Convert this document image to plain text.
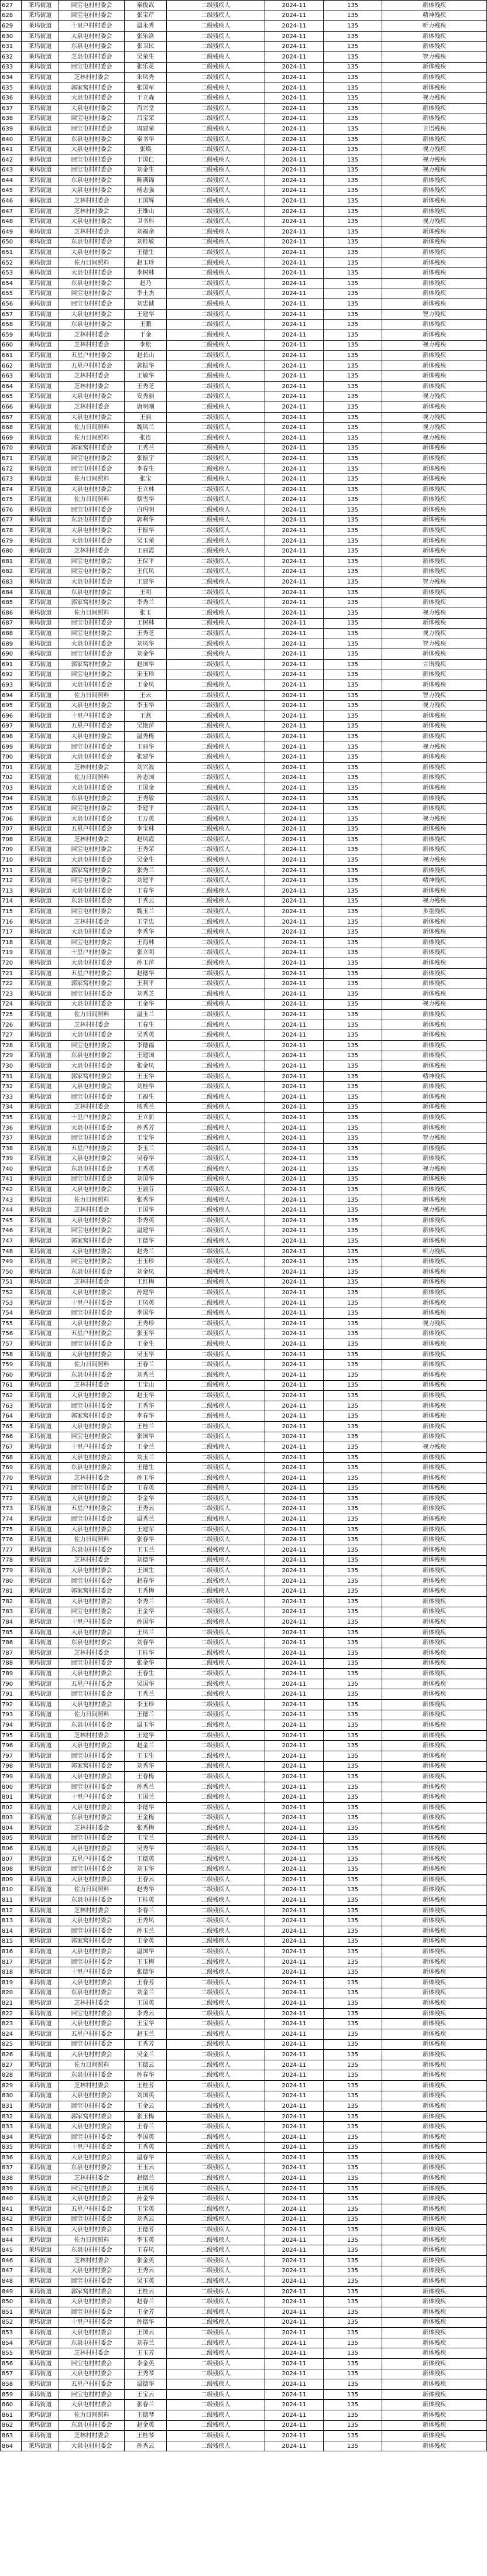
627	莱坞街道	回宝屯村村委会	秦俊武	二级残疾人	2024-11	135	新体残疾
628	莱坞街道	回宝屯村村委会	张宝芹	二级残疾人	2024-11	135	精神残疾
629	莱坞街道	十里户村村委会	温永秀	二级残疾人	2024-11	135	听力残疾
630	莱坞街道	大泉屯村村委会	张乐洛	二级残疾人	2024-11	135	新体残疾
631	莱坞街道	东泉屯村村委会	张卫民	二级残疾人	2024-11	135	新体残疾
632	莱坞街道	芝泉屯村村委会	吴荣生	二级残疾人	2024-11	135	智力残疾
633	莱坞街道	回宝屯村村委会	张乐花	二级残疾人	2024-11	135	新体残疾
634	莱坞街道	芝林村村委会	朱凤秀	二级残疾人	2024-11	135	新体残疾
635	莱坞街道	郭家窝村村委会	张国军	二级残疾人	2024-11	135	新体残疾
636	莱坞街道	大泉屯村村委会	于立森	二级残疾人	2024-11	135	视力残疾
637	莱坞街道	大泉屯村村委会	肖兴堂	二级残疾人	2024-11	135	新体残疾
638	莱坞街道	回宝屯村村委会	吕宝荣	二级残疾人	2024-11	135	新体残疾
639	莱坞街道	回宝屯村村委会	周建荣	二级残疾人	2024-11	135	言语残疾
640	莱坞街道	东泉屯村村委会	秦书华	二级残疾人	2024-11	135	新体残疾
641	莱坞街道	大泉屯村村委会	张焕	二级残疾人	2024-11	135	视力残疾
642	莱坞街道	回宝屯村村委会	于国仁	二级残疾人	2024-11	135	视力残疾
643	莱坞街道	回宝屯村村委会	刘金生	二级残疾人	2024-11	135	视力残疾
644	莱坞街道	东泉屯村村委会	陈满锦	二级残疾人	2024-11	135	新体残疾
645	莱坞街道	大泉屯村村委会	杨志强	二级残疾人	2024-11	135	新体残疾
646	莱坞街道	芝林村村委会	王国辉	二级残疾人	2024-11	135	新体残疾
647	莱坞街道	芝林村村委会	王维山	二级残疾人	2024-11	135	新体残疾
648	莱坞街道	大泉屯村村委会	卫书科	二级残疾人	2024-11	135	视力残疾
649	莱坞街道	芝林村村委会	刘福余	二级残疾人	2024-11	135	新体残疾
650	莱坞街道	东泉屯村村委会	刘桂敏	二级残疾人	2024-11	135	新体残疾
651	莱坞街道	大泉屯村村委会	王德生	二级残疾人	2024-11	135	新体残疾
652	莱坞街道	佐力日间照料	赵玉珍	二级残疾人	2024-11	135	新体残疾
653	莱坞街道	大泉屯村村委会	李树林	二级残疾人	2024-11	135	新体残疾
654	莱坞街道	东泉屯村村委会	赵乃	二级残疾人	2024-11	135	新体残疾
655	莱坞街道	回宝屯村村委会	李士杰	二级残疾人	2024-11	135	新体残疾
656	莱坞街道	回宝屯村村委会	刘忠诚	二级残疾人	2024-11	135	新体残疾
657	莱坞街道	大泉屯村村委会	王建华	二级残疾人	2024-11	135	智力残疾
658	莱坞街道	东泉屯村村委会	王鹏	二级残疾人	2024-11	135	新体残疾
659	莱坞街道	芝林村村委会	于金	二级残疾人	2024-11	135	新体残疾
660	莱坞街道	芝林村村委会	李松	二级残疾人	2024-11	135	视力残疾
661	莱坞街道	五星户村村委会	赵长山	二级残疾人	2024-11	135	新体残疾
662	莱坞街道	五星户村村委会	郭振华	二级残疾人	2024-11	135	新体残疾
663	莱坞街道	芝林村村委会	王敏华	二级残疾人	2024-11	135	新体残疾
664	莱坞街道	芝林村村委会	王秀芝	二级残疾人	2024-11	135	新体残疾
665	莱坞街道	大泉屯村村委会	安秀丽	二级残疾人	2024-11	135	视力残疾
666	莱坞街道	芝林村村委会	唐明刚	二级残疾人	2024-11	135	新体残疾
667	莱坞街道	大泉屯村村委会	王丽	二级残疾人	2024-11	135	视力残疾
668	莱坞街道	佐力日间照料	魏凤兰	二级残疾人	2024-11	135	视力残疾
669	莱坞街道	佐力日间照料	张连	二级残疾人	2024-11	135	视力残疾
670	莱坞街道	郭家窝村村委会	王秀兰	二级残疾人	2024-11	135	新体残疾
671	莱坞街道	回宝屯村村委会	张振宇	二级残疾人	2024-11	135	新体残疾
672	莱坞街道	回宝屯村村委会	李春生	二级残疾人	2024-11	135	新体残疾
673	莱坞街道	佐力日间照料	张宝	二级残疾人	2024-11	135	新体残疾
674	莱坞街道	大泉屯村村委会	王立林	二级残疾人	2024-11	135	新体残疾
675	莱坞街道	佐力日间照料	蔡雪华	二级残疾人	2024-11	135	新体残疾
676	莱坞街道	回宝屯村村委会	白玛明	二级残疾人	2024-11	135	新体残疾
677	莱坞街道	东泉屯村村委会	郭利华	二级残疾人	2024-11	135	新体残疾
678	莱坞街道	大泉屯村村委会	于振华	二级残疾人	2024-11	135	新体残疾
679	莱坞街道	大泉屯村村委会	吴玉荣	二级残疾人	2024-11	135	新体残疾
680	莱坞街道	芝林村村委会	王丽霞	二级残疾人	2024-11	135	新体残疾
681	莱坞街道	回宝屯村村委会	王保平	二级残疾人	2024-11	135	新体残疾
682	莱坞街道	回宝屯村村委会	王代凤	二级残疾人	2024-11	135	新体残疾
683	莱坞街道	大泉屯村村委会	王建华	二级残疾人	2024-11	135	智力残疾
684	莱坞街道	东泉屯村村委会	王明	二级残疾人	2024-11	135	新体残疾
685	莱坞街道	郭家窝村村委会	李秀兰	二级残疾人	2024-11	135	新体残疾
686	莱坞街道	佐力日间照料	张玉	二级残疾人	2024-11	135	视力残疾
687	莱坞街道	回宝屯村村委会	王树林	二级残疾人	2024-11	135	新体残疾
688	莱坞街道	回宝屯村村委会	王秀芝	二级残疾人	2024-11	135	视力残疾
689	莱坞街道	大泉屯村村委会	刘凤华	二级残疾人	2024-11	135	智力残疾
690	莱坞街道	回宝屯村村委会	刘金华	二级残疾人	2024-11	135	新体残疾
691	莱坞街道	郭家窝村村委会	赵国华	二级残疾人	2024-11	135	言语残疾
692	莱坞街道	回宝屯村村委会	宋玉珍	二级残疾人	2024-11	135	新体残疾
693	莱坞街道	大泉屯村村委会	王金凤	二级残疾人	2024-11	135	新体残疾
694	莱坞街道	佐力日间照料	王云	二级残疾人	2024-11	135	智力残疾
695	莱坞街道	大泉屯村村委会	李玉华	二级残疾人	2024-11	135	视力残疾
696	莱坞街道	十里户村村委会	王燕	二级残疾人	2024-11	135	新体残疾
697	莱坞街道	五星户村村委会	吴艳萍	二级残疾人	2024-11	135	新体残疾
698	莱坞街道	大泉屯村村委会	温秀梅	二级残疾人	2024-11	135	新体残疾
699	莱坞街道	回宝屯村村委会	王丽华	二级残疾人	2024-11	135	视力残疾
700	莱坞街道	大泉屯村村委会	张建华	二级残疾人	2024-11	135	新体残疾
701	莱坞街道	芝林村村委会	刘兴波	二级残疾人	2024-11	135	新体残疾
702	莱坞街道	佐力日间照料	孙志国	二级残疾人	2024-11	135	新体残疾
703	莱坞街道	大泉屯村村委会	王国金	二级残疾人	2024-11	135	新体残疾
704	莱坞街道	东泉屯村村委会	王秀敏	二级残疾人	2024-11	135	新体残疾
705	莱坞街道	回宝屯村村委会	李建平	二级残疾人	2024-11	135	新体残疾
706	莱坞街道	大泉屯村村委会	王万英	二级残疾人	2024-11	135	视力残疾
707	莱坞街道	五星户村村委会	李宝林	二级残疾人	2024-11	135	新体残疾
708	莱坞街道	芝林村村委会	赵凤霞	二级残疾人	2024-11	135	新体残疾
709	莱坞街道	回宝屯村村委会	王秀荣	二级残疾人	2024-11	135	新体残疾
710	莱坞街道	大泉屯村村委会	吴金生	二级残疾人	2024-11	135	视力残疾
711	莱坞街道	郭家窝村村委会	张秀兰	二级残疾人	2024-11	135	新体残疾
712	莱坞街道	回宝屯村村委会	刘建平	二级残疾人	2024-11	135	精神残疾
713	莱坞街道	大泉屯村村委会	王春华	二级残疾人	2024-11	135	新体残疾
714	莱坞街道	东泉屯村村委会	于秀云	二级残疾人	2024-11	135	视力残疾
715	莱坞街道	回宝屯村村委会	魏玉兰	二级残疾人	2024-11	135	多重残疾
716	莱坞街道	芝林村村委会	王学忠	二级残疾人	2024-11	135	新体残疾
717	莱坞街道	大泉屯村村委会	李秀华	二级残疾人	2024-11	135	新体残疾
718	莱坞街道	回宝屯村村委会	王海林	二级残疾人	2024-11	135	新体残疾
719	莱坞街道	十里户村村委会	张立明	二级残疾人	2024-11	135	新体残疾
720	莱坞街道	大泉屯村村委会	孙玉萍	二级残疾人	2024-11	135	新体残疾
721	莱坞街道	五星户村村委会	赵德华	二级残疾人	2024-11	135	新体残疾
722	莱坞街道	郭家窝村村委会	王利平	二级残疾人	2024-11	135	新体残疾
723	莱坞街道	回宝屯村村委会	刘秀芝	二级残疾人	2024-11	135	新体残疾
724	莱坞街道	大泉屯村村委会	王金华	二级残疾人	2024-11	135	视力残疾
725	莱坞街道	佐力日间照料	温玉兰	二级残疾人	2024-11	135	新体残疾
726	莱坞街道	芝林村村委会	王春生	二级残疾人	2024-11	135	新体残疾
727	莱坞街道	大泉屯村村委会	吴秀英	二级残疾人	2024-11	135	新体残疾
728	莱坞街道	回宝屯村村委会	李德福	二级残疾人	2024-11	135	新体残疾
729	莱坞街道	东泉屯村村委会	王建国	二级残疾人	2024-11	135	新体残疾
730	莱坞街道	大泉屯村村委会	张金凤	二级残疾人	2024-11	135	新体残疾
731	莱坞街道	郭家窝村村委会	王玉华	二级残疾人	2024-11	135	精神残疾
732	莱坞街道	大泉屯村村委会	刘桂华	二级残疾人	2024-11	135	新体残疾
733	莱坞街道	回宝屯村村委会	王福生	二级残疾人	2024-11	135	新体残疾
734	莱坞街道	芝林村村委会	杨秀兰	二级残疾人	2024-11	135	新体残疾
735	莱坞街道	十里户村村委会	王立新	二级残疾人	2024-11	135	新体残疾
736	莱坞街道	大泉屯村村委会	孙秀芳	二级残疾人	2024-11	135	新体残疾
737	莱坞街道	回宝屯村村委会	王宝华	二级残疾人	2024-11	135	智力残疾
738	莱坞街道	五星户村村委会	李玉兰	二级残疾人	2024-11	135	新体残疾
739	莱坞街道	大泉屯村村委会	吴春华	二级残疾人	2024-11	135	新体残疾
740	莱坞街道	东泉屯村村委会	王秀英	二级残疾人	2024-11	135	视力残疾
741	莱坞街道	回宝屯村村委会	刘国华	二级残疾人	2024-11	135	新体残疾
742	莱坞街道	大泉屯村村委会	王淑芬	二级残疾人	2024-11	135	新体残疾
743	莱坞街道	佐力日间照料	张秀华	二级残疾人	2024-11	135	新体残疾
744	莱坞街道	芝林村村委会	王国华	二级残疾人	2024-11	135	视力残疾
745	莱坞街道	大泉屯村村委会	李秀英	二级残疾人	2024-11	135	新体残疾
746	莱坞街道	回宝屯村村委会	温建华	二级残疾人	2024-11	135	新体残疾
747	莱坞街道	郭家窝村村委会	王德华	二级残疾人	2024-11	135	新体残疾
748	莱坞街道	大泉屯村村委会	赵秀兰	二级残疾人	2024-11	135	听力残疾
749	莱坞街道	回宝屯村村委会	王玉珍	二级残疾人	2024-11	135	新体残疾
750	莱坞街道	东泉屯村村委会	刘金凤	二级残疾人	2024-11	135	新体残疾
751	莱坞街道	芝林村村委会	王红梅	二级残疾人	2024-11	135	新体残疾
752	莱坞街道	大泉屯村村委会	孙建华	二级残疾人	2024-11	135	新体残疾
753	莱坞街道	十里户村村委会	王凤英	二级残疾人	2024-11	135	新体残疾
754	莱坞街道	回宝屯村村委会	李国华	二级残疾人	2024-11	135	新体残疾
755	莱坞街道	大泉屯村村委会	王秀珍	二级残疾人	2024-11	135	视力残疾
756	莱坞街道	五星户村村委会	张玉华	二级残疾人	2024-11	135	新体残疾
757	莱坞街道	回宝屯村村委会	王金生	二级残疾人	2024-11	135	新体残疾
758	莱坞街道	大泉屯村村委会	吴玉华	二级残疾人	2024-11	135	新体残疾
759	莱坞街道	佐力日间照料	王春兰	二级残疾人	2024-11	135	新体残疾
760	莱坞街道	东泉屯村村委会	刘秀兰	二级残疾人	2024-11	135	新体残疾
761	莱坞街道	芝林村村委会	王宝山	二级残疾人	2024-11	135	新体残疾
762	莱坞街道	大泉屯村村委会	赵玉华	二级残疾人	2024-11	135	新体残疾
763	莱坞街道	回宝屯村村委会	王秀华	二级残疾人	2024-11	135	新体残疾
764	莱坞街道	郭家窝村村委会	李春华	二级残疾人	2024-11	135	新体残疾
765	莱坞街道	大泉屯村村委会	王桂兰	二级残疾人	2024-11	135	新体残疾
766	莱坞街道	回宝屯村村委会	张国华	二级残疾人	2024-11	135	新体残疾
767	莱坞街道	十里户村村委会	王金兰	二级残疾人	2024-11	135	视力残疾
768	莱坞街道	大泉屯村村委会	刘玉兰	二级残疾人	2024-11	135	新体残疾
769	莱坞街道	东泉屯村村委会	王德生	二级残疾人	2024-11	135	新体残疾
770	莱坞街道	芝林村村委会	孙玉华	二级残疾人	2024-11	135	新体残疾
771	莱坞街道	回宝屯村村委会	王春英	二级残疾人	2024-11	135	新体残疾
772	莱坞街道	大泉屯村村委会	李金华	二级残疾人	2024-11	135	新体残疾
773	莱坞街道	五星户村村委会	王秀云	二级残疾人	2024-11	135	新体残疾
774	莱坞街道	回宝屯村村委会	温秀兰	二级残疾人	2024-11	135	新体残疾
775	莱坞街道	大泉屯村村委会	王建军	二级残疾人	2024-11	135	新体残疾
776	莱坞街道	佐力日间照料	张春华	二级残疾人	2024-11	135	新体残疾
777	莱坞街道	东泉屯村村委会	王玉兰	二级残疾人	2024-11	135	新体残疾
778	莱坞街道	芝林村村委会	刘德华	二级残疾人	2024-11	135	新体残疾
779	莱坞街道	大泉屯村村委会	王国生	二级残疾人	2024-11	135	新体残疾
780	莱坞街道	回宝屯村村委会	赵春华	二级残疾人	2024-11	135	新体残疾
781	莱坞街道	郭家窝村村委会	王秀梅	二级残疾人	2024-11	135	新体残疾
782	莱坞街道	大泉屯村村委会	李秀兰	二级残疾人	2024-11	135	新体残疾
783	莱坞街道	回宝屯村村委会	王金华	二级残疾人	2024-11	135	新体残疾
784	莱坞街道	十里户村村委会	孙国华	二级残疾人	2024-11	135	新体残疾
785	莱坞街道	大泉屯村村委会	王凤兰	二级残疾人	2024-11	135	新体残疾
786	莱坞街道	东泉屯村村委会	刘春华	二级残疾人	2024-11	135	新体残疾
787	莱坞街道	芝林村村委会	王桂华	二级残疾人	2024-11	135	新体残疾
788	莱坞街道	回宝屯村村委会	张金华	二级残疾人	2024-11	135	新体残疾
789	莱坞街道	大泉屯村村委会	王春生	二级残疾人	2024-11	135	新体残疾
790	莱坞街道	五星户村村委会	吴国华	二级残疾人	2024-11	135	新体残疾
791	莱坞街道	回宝屯村村委会	王秀兰	二级残疾人	2024-11	135	新体残疾
792	莱坞街道	大泉屯村村委会	李玉珍	二级残疾人	2024-11	135	新体残疾
793	莱坞街道	佐力日间照料	王德兰	二级残疾人	2024-11	135	新体残疾
794	莱坞街道	东泉屯村村委会	温玉华	二级残疾人	2024-11	135	新体残疾
795	莱坞街道	芝林村村委会	王建华	二级残疾人	2024-11	135	新体残疾
796	莱坞街道	大泉屯村村委会	赵金兰	二级残疾人	2024-11	135	新体残疾
797	莱坞街道	回宝屯村村委会	王玉生	二级残疾人	2024-11	135	新体残疾
798	莱坞街道	郭家窝村村委会	刘秀华	二级残疾人	2024-11	135	新体残疾
799	莱坞街道	大泉屯村村委会	王春梅	二级残疾人	2024-11	135	新体残疾
800	莱坞街道	回宝屯村村委会	孙秀兰	二级残疾人	2024-11	135	新体残疾
801	莱坞街道	十里户村村委会	王国兰	二级残疾人	2024-11	135	新体残疾
802	莱坞街道	大泉屯村村委会	李德华	二级残疾人	2024-11	135	新体残疾
803	莱坞街道	东泉屯村村委会	王金梅	二级残疾人	2024-11	135	新体残疾
804	莱坞街道	芝林村村委会	张秀梅	二级残疾人	2024-11	135	新体残疾
805	莱坞街道	回宝屯村村委会	王宝兰	二级残疾人	2024-11	135	新体残疾
806	莱坞街道	大泉屯村村委会	吴秀华	二级残疾人	2024-11	135	新体残疾
807	莱坞街道	五星户村村委会	王德英	二级残疾人	2024-11	135	新体残疾
808	莱坞街道	回宝屯村村委会	刘玉华	二级残疾人	2024-11	135	新体残疾
809	莱坞街道	大泉屯村村委会	王春云	二级残疾人	2024-11	135	新体残疾
810	莱坞街道	佐力日间照料	赵秀华	二级残疾人	2024-11	135	新体残疾
811	莱坞街道	东泉屯村村委会	王桂英	二级残疾人	2024-11	135	新体残疾
812	莱坞街道	芝林村村委会	李春兰	二级残疾人	2024-11	135	新体残疾
813	莱坞街道	大泉屯村村委会	王秀凤	二级残疾人	2024-11	135	新体残疾
814	莱坞街道	回宝屯村村委会	孙玉兰	二级残疾人	2024-11	135	新体残疾
815	莱坞街道	郭家窝村村委会	王金英	二级残疾人	2024-11	135	新体残疾
816	莱坞街道	大泉屯村村委会	温国华	二级残疾人	2024-11	135	新体残疾
817	莱坞街道	回宝屯村村委会	王玉梅	二级残疾人	2024-11	135	新体残疾
818	莱坞街道	十里户村村委会	张德华	二级残疾人	2024-11	135	新体残疾
819	莱坞街道	大泉屯村村委会	王春芳	二级残疾人	2024-11	135	新体残疾
820	莱坞街道	东泉屯村村委会	刘金兰	二级残疾人	2024-11	135	新体残疾
821	莱坞街道	芝林村村委会	王国英	二级残疾人	2024-11	135	新体残疾
822	莱坞街道	回宝屯村村委会	李秀云	二级残疾人	2024-11	135	新体残疾
823	莱坞街道	大泉屯村村委会	王宝华	二级残疾人	2024-11	135	新体残疾
824	莱坞街道	五星户村村委会	赵玉兰	二级残疾人	2024-11	135	新体残疾
825	莱坞街道	回宝屯村村委会	王秀芳	二级残疾人	2024-11	135	新体残疾
826	莱坞街道	大泉屯村村委会	吴金兰	二级残疾人	2024-11	135	新体残疾
827	莱坞街道	佐力日间照料	王德云	二级残疾人	2024-11	135	新体残疾
828	莱坞街道	东泉屯村村委会	孙春华	二级残疾人	2024-11	135	新体残疾
829	莱坞街道	芝林村村委会	王桂芳	二级残疾人	2024-11	135	新体残疾
830	莱坞街道	大泉屯村村委会	刘国英	二级残疾人	2024-11	135	新体残疾
831	莱坞街道	回宝屯村村委会	王金云	二级残疾人	2024-11	135	新体残疾
832	莱坞街道	郭家窝村村委会	张玉梅	二级残疾人	2024-11	135	新体残疾
833	莱坞街道	大泉屯村村委会	王春兰	二级残疾人	2024-11	135	新体残疾
834	莱坞街道	回宝屯村村委会	李国英	二级残疾人	2024-11	135	新体残疾
835	莱坞街道	十里户村村委会	王秀英	二级残疾人	2024-11	135	新体残疾
836	莱坞街道	大泉屯村村委会	温春华	二级残疾人	2024-11	135	新体残疾
837	莱坞街道	东泉屯村村委会	王玉云	二级残疾人	2024-11	135	新体残疾
838	莱坞街道	芝林村村委会	赵德兰	二级残疾人	2024-11	135	新体残疾
839	莱坞街道	回宝屯村村委会	王国芳	二级残疾人	2024-11	135	新体残疾
840	莱坞街道	大泉屯村村委会	孙金华	二级残疾人	2024-11	135	新体残疾
841	莱坞街道	五星户村村委会	王宝英	二级残疾人	2024-11	135	新体残疾
842	莱坞街道	回宝屯村村委会	刘秀云	二级残疾人	2024-11	135	新体残疾
843	莱坞街道	大泉屯村村委会	王德芳	二级残疾人	2024-11	135	新体残疾
844	莱坞街道	佐力日间照料	李玉英	二级残疾人	2024-11	135	新体残疾
845	莱坞街道	东泉屯村村委会	王春凤	二级残疾人	2024-11	135	新体残疾
846	莱坞街道	芝林村村委会	张金英	二级残疾人	2024-11	135	新体残疾
847	莱坞街道	大泉屯村村委会	王秀云	二级残疾人	2024-11	135	新体残疾
848	莱坞街道	回宝屯村村委会	吴玉英	二级残疾人	2024-11	135	新体残疾
849	莱坞街道	郭家窝村村委会	王桂云	二级残疾人	2024-11	135	新体残疾
850	莱坞街道	大泉屯村村委会	赵春兰	二级残疾人	2024-11	135	新体残疾
851	莱坞街道	回宝屯村村委会	王金芳	二级残疾人	2024-11	135	新体残疾
852	莱坞街道	十里户村村委会	孙德华	二级残疾人	2024-11	135	新体残疾
853	莱坞街道	大泉屯村村委会	王国云	二级残疾人	2024-11	135	新体残疾
854	莱坞街道	东泉屯村村委会	刘春兰	二级残疾人	2024-11	135	新体残疾
855	莱坞街道	芝林村村委会	王玉芳	二级残疾人	2024-11	135	新体残疾
856	莱坞街道	回宝屯村村委会	李金英	二级残疾人	2024-11	135	新体残疾
857	莱坞街道	大泉屯村村委会	王秀琴	二级残疾人	2024-11	135	新体残疾
858	莱坞街道	五星户村村委会	温德华	二级残疾人	2024-11	135	新体残疾
859	莱坞街道	回宝屯村村委会	王宝云	二级残疾人	2024-11	135	新体残疾
860	莱坞街道	大泉屯村村委会	张春兰	二级残疾人	2024-11	135	新体残疾
861	莱坞街道	佐力日间照料	王德琴	二级残疾人	2024-11	135	新体残疾
862	莱坞街道	东泉屯村村委会	赵金英	二级残疾人	2024-11	135	新体残疾
863	莱坞街道	芝林村村委会	王桂琴	二级残疾人	2024-11	135	新体残疾
864	莱坞街道	大泉屯村村委会	孙秀云	二级残疾人	2024-11	135	新体残疾
